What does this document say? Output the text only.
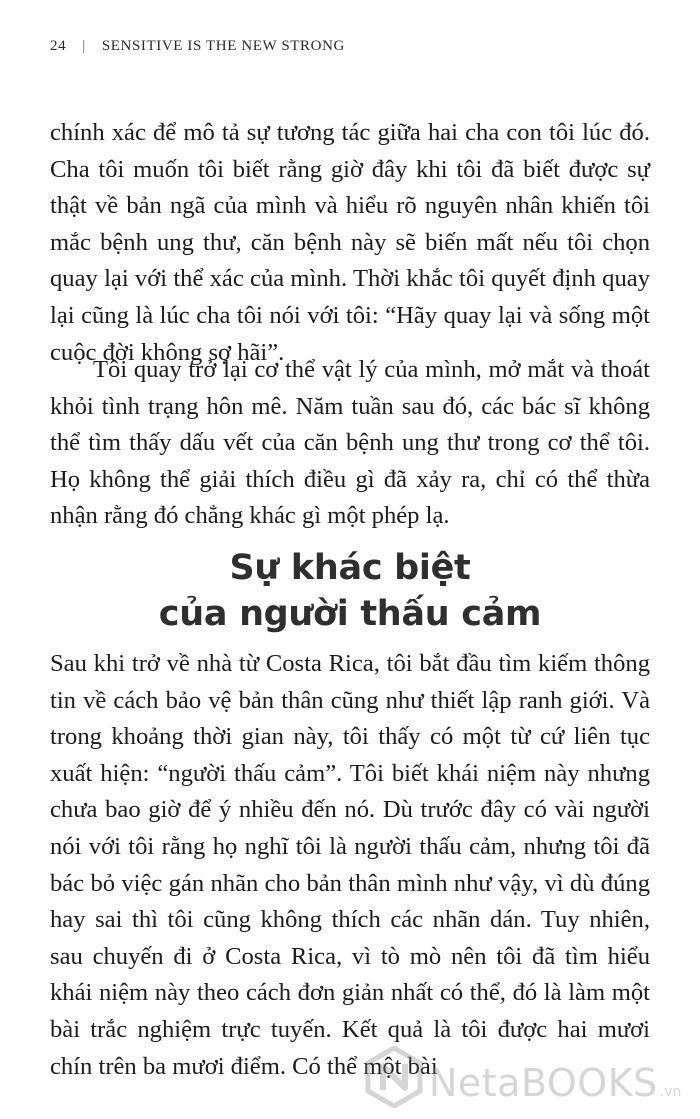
24 | SENSITIVE IS THE NEW STRONG

chính xác để mô tả sự tương tác giữa hai cha con tôi lúc đó. Cha tôi muốn tôi biết rằng giờ đây khi tôi đã biết được sự thật về bản ngã của mình và hiểu rõ nguyên nhân khiến tôi mắc bệnh ung thư, căn bệnh này sẽ biến mất nếu tôi chọn quay lại với thể xác của mình. Thời khắc tôi quyết định quay lại cũng là lúc cha tôi nói với tôi: “Hãy quay lại và sống một cuộc đời không sợ hãi”.

Tôi quay trở lại cơ thể vật lý của mình, mở mắt và thoát khỏi tình trạng hôn mê. Năm tuần sau đó, các bác sĩ không thể tìm thấy dấu vết của căn bệnh ung thư trong cơ thể tôi. Họ không thể giải thích điều gì đã xảy ra, chỉ có thể thừa nhận rằng đó chẳng khác gì một phép lạ.

Sự khác biệt
của người thấu cảm

Sau khi trở về nhà từ Costa Rica, tôi bắt đầu tìm kiếm thông tin về cách bảo vệ bản thân cũng như thiết lập ranh giới. Và trong khoảng thời gian này, tôi thấy có một từ cứ liên tục xuất hiện: “người thấu cảm”. Tôi biết khái niệm này nhưng chưa bao giờ để ý nhiều đến nó. Dù trước đây có vài người nói với tôi rằng họ nghĩ tôi là người thấu cảm, nhưng tôi đã bác bỏ việc gán nhãn cho bản thân mình như vậy, vì dù đúng hay sai thì tôi cũng không thích các nhãn dán. Tuy nhiên, sau chuyến đi ở Costa Rica, vì tò mò nên tôi đã tìm hiểu khái niệm này theo cách đơn giản nhất có thể, đó là làm một bài trắc nghiệm trực tuyến. Kết quả là tôi được hai mươi chín trên ba mươi điểm. Có thể một bài

NetaBOOKS .vn
